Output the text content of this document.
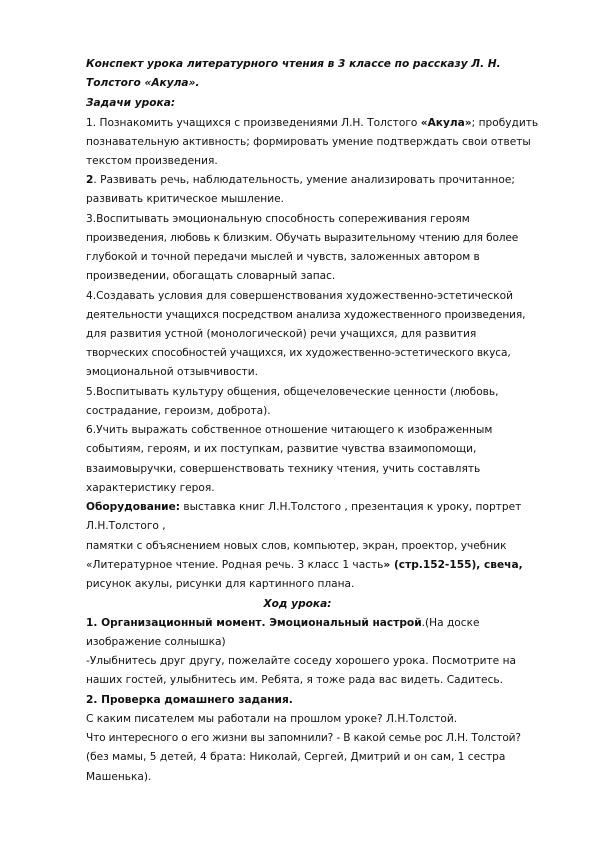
Конспект урока литературного чтения в 3 классе по рассказу Л. Н.
Толстого «Акула».
Задачи урока:
1. Познакомить учащихся с произведениями Л.Н. Толстого «Акула»; пробудить
познавательную активность; формировать умение подтверждать свои ответы
текстом произведения.
2. Развивать речь, наблюдательность, умение анализировать прочитанное;
развивать критическое мышление.
3.Воспитывать эмоциональную способность сопереживания героям
произведения, любовь к близким. Обучать выразительному чтению для более
глубокой и точной передачи мыслей и чувств, заложенных автором в
произведении, обогащать словарный запас.
4.Создавать условия для совершенствования художественно-эстетической
деятельности учащихся посредством анализа художественного произведения,
для развития устной (монологической) речи учащихся, для развития
творческих способностей учащихся, их художественно-эстетического вкуса,
эмоциональной отзывчивости.
5.Воспитывать культуру общения, общечеловеческие ценности (любовь,
сострадание, героизм, доброта).
6.Учить выражать собственное отношение читающего к изображенным
событиям, героям, и их поступкам, развитие чувства взаимопомощи,
взаимовыручки, совершенствовать технику чтения, учить составлять
характеристику героя.
Оборудование: выставка книг Л.Н.Толстого , презентация к уроку, портрет
Л.Н.Толстого ,
памятки с объяснением новых слов, компьютер, экран, проектор, учебник
«Литературное чтение. Родная речь. 3 класс 1 часть» (стр.152-155), свеча,
рисунок акулы, рисунки для картинного плана.
Ход урока:
1. Организационный момент. Эмоциональный настрой.(На доске
изображение солнышка)
-Улыбнитесь друг другу, пожелайте соседу хорошего урока. Посмотрите на
наших гостей, улыбнитесь им. Ребята, я тоже рада вас видеть. Садитесь.
2. Проверка домашнего задания.
С каким писателем мы работали на прошлом уроке? Л.Н.Толстой.
Что интересного о его жизни вы запомнили? - В какой семье рос Л.Н. Толстой?
(без мамы, 5 детей, 4 брата: Николай, Сергей, Дмитрий и он сам, 1 сестра
Машенька).
